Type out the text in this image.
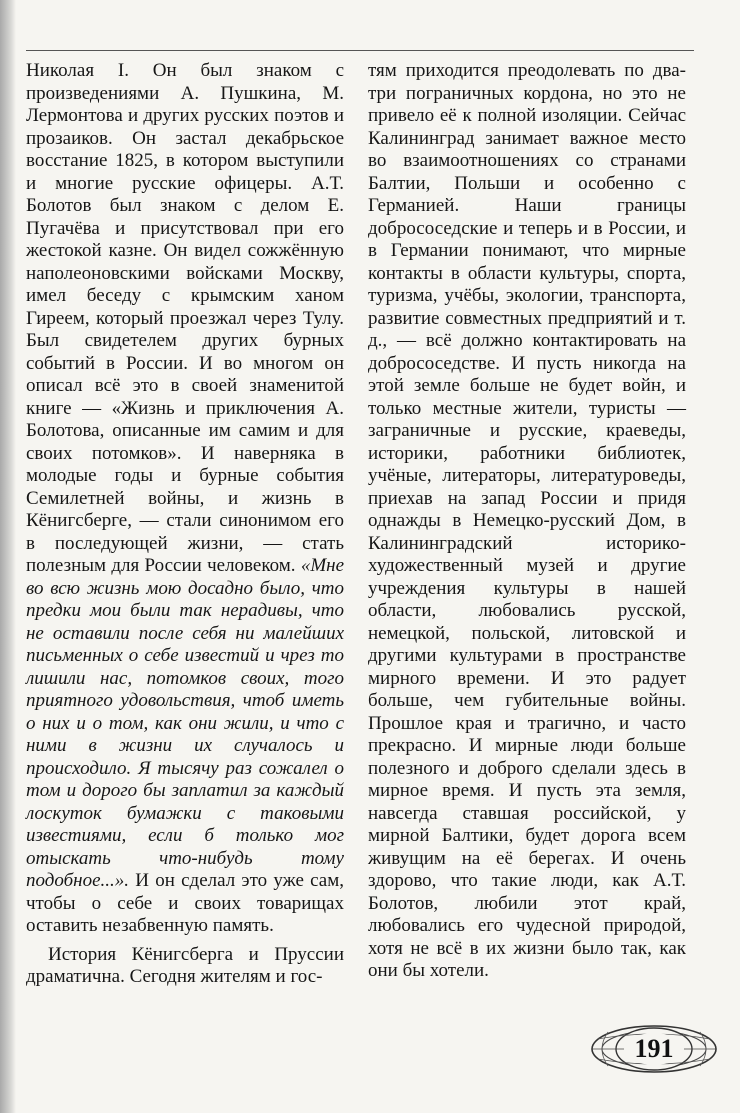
Николая I. Он был знаком с произведениями А. Пушкина, М. Лермонтова и других русских поэтов и прозаиков. Он застал декабрьское восстание 1825, в котором выступили и многие русские офицеры. А.Т. Болотов был знаком с делом Е. Пугачёва и присутствовал при его жестокой казне. Он видел сожжённую наполеоновскими войсками Москву, имел беседу с крымским ханом Гиреем, который проезжал через Тулу. Был свидетелем других бурных событий в России. И во многом он описал всё это в своей знаменитой книге — «Жизнь и приключения А. Болотова, описанные им самим и для своих потомков». И наверняка в молодые годы и бурные события Семилетней войны, и жизнь в Кёнигсберге, — стали синонимом его в последующей жизни, — стать полезным для России человеком. «Мне во всю жизнь мою досадно было, что предки мои были так нерадивы, что не оставили после себя ни малейших письменных о себе известий и чрез то лишили нас, потомков своих, того приятного удовольствия, чтоб иметь о них и о том, как они жили, и что с ними в жизни их случалось и происходило. Я тысячу раз сожалел о том и дорого бы заплатил за каждый лоскуток бумажки с таковыми известиями, если б только мог отыскать что-нибудь тому подобное...». И он сделал это уже сам, чтобы о себе и своих товарищах оставить незабвенную память.

История Кёнигсберга и Пруссии драматична. Сегодня жителям и гос-

тям приходится преодолевать по два-три пограничных кордона, но это не привело её к полной изоляции. Сейчас Калининград занимает важное место во взаимоотношениях со странами Балтии, Польши и особенно с Германией. Наши границы добрососедские и теперь и в России, и в Германии понимают, что мирные контакты в области культуры, спорта, туризма, учёбы, экологии, транспорта, развитие совместных предприятий и т. д., — всё должно контактировать на добрососедстве. И пусть никогда на этой земле больше не будет войн, и только местные жители, туристы — заграничные и русские, краеведы, историки, работники библиотек, учёные, литераторы, литературоведы, приехав на запад России и придя однажды в Немецко-русский Дом, в Калининградский историко-художественный музей и другие учреждения культуры в нашей области, любовались русской, немецкой, польской, литовской и другими культурами в пространстве мирного времени. И это радует больше, чем губительные войны. Прошлое края и трагично, и часто прекрасно. И мирные люди больше полезного и доброго сделали здесь в мирное время. И пусть эта земля, навсегда ставшая российской, у мирной Балтики, будет дорога всем живущим на её берегах. И очень здорово, что такие люди, как А.Т. Болотов, любили этот край, любовались его чудесной природой, хотя не всё в их жизни было так, как они бы хотели.

191
